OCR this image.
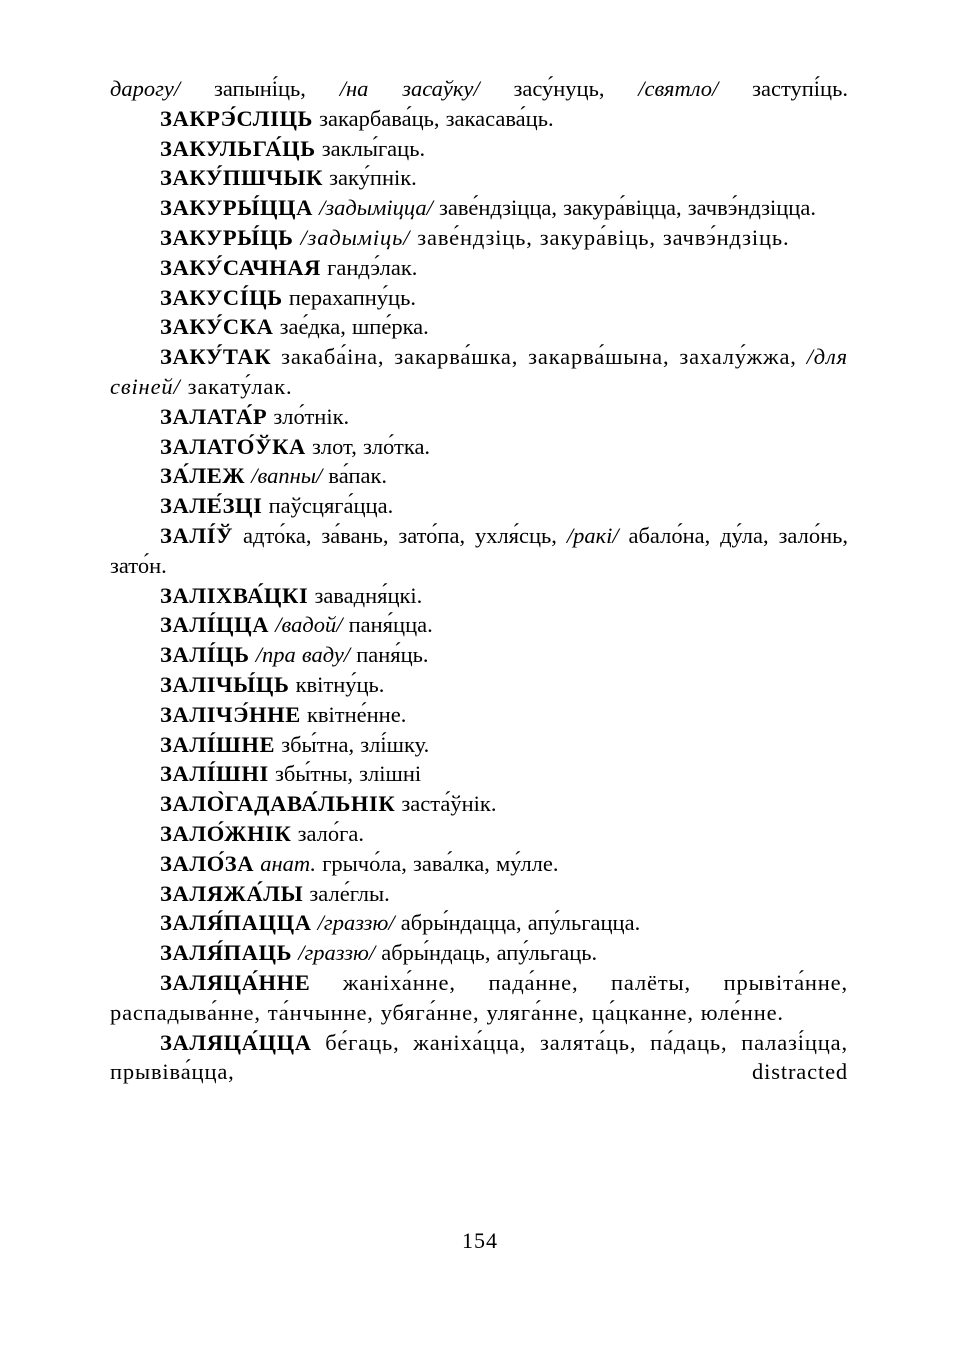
дарогу/ запыні́ць, /на засаўку/ засу́нуць, /святло/ заступі́ць.

ЗАКРЭ́СЛІЦЬ закарбава́ць, закасава́ць.

ЗАКУЛЬГА́ЦЬ заклы́гаць.

ЗАКУ́ПШЧЫК заку́пнік.

ЗАКУРЫ́ЦЦА /задыміцца/ заве́ндзіцца, закура́віцца, зачвэ́ндзіцца.

ЗАКУРЫ́ЦЬ /задыміць/ заве́ндзіць, закура́віць, зачвэ́ндзіць.

ЗАКУ́САЧНАЯ гандэ́лак.

ЗАКУСІ́ЦЬ перахапну́ць.

ЗАКУ́СКА зае́дка, шпе́рка.

ЗАКУ́ТАК закаба́іна, закарва́шка, закарва́шына, захалу́жжа, /для свіней/ закату́лак.

ЗАЛАТА́Р зло́тнік.

ЗАЛАТО́ЎКА злот, зло́тка.

ЗА́ЛЕЖ /вапны/ ва́пак.

ЗАЛЕ́ЗЦІ паўсцяга́цца.

ЗАЛІ́Ў адто́ка, за́вань, зато́па, ухля́сць, /ракі/ абало́на, ду́ла, зало́нь, зато́н.

ЗАЛІХВА́ЦКІ завадня́цкі.

ЗАЛІ́ЦЦА /вадой/ паня́цца.

ЗАЛІ́ЦЬ /пра ваду/ паня́ць.

ЗАЛІЧЫ́ЦЬ квітну́ць.

ЗАЛІЧЭ́ННЕ квітне́нне.

ЗАЛІ́ШНЕ збы́тна, злі́шку.

ЗАЛІ́ШНІ збы́тны, злішні

ЗАЛО̀ГАДАВА́ЛЬНІК заста́ўнік.

ЗАЛО́ЖНІК зало́га.

ЗАЛО́ЗА анат. грычо́ла, зава́лка, му́лле.

ЗАЛЯЖА́ЛЫ зале́глы.

ЗАЛЯ́ПАЦЦА /граззю/ абры́ндацца, апу́льгацца.

ЗАЛЯ́ПАЦЬ /граззю/ абры́ндаць, апу́льгаць.

ЗАЛЯЦА́ННЕ жаніха́нне, пада́нне, палёты, прывіта́нне, распадыва́нне, та́нчынне, убяга́нне, уляга́нне, ца́цканне, юле́нне.

ЗАЛЯЦА́ЦЦА бе́гаць, жаніха́цца, залята́ць, па́даць, палазі́цца, прывіва́цца, distracted

154
